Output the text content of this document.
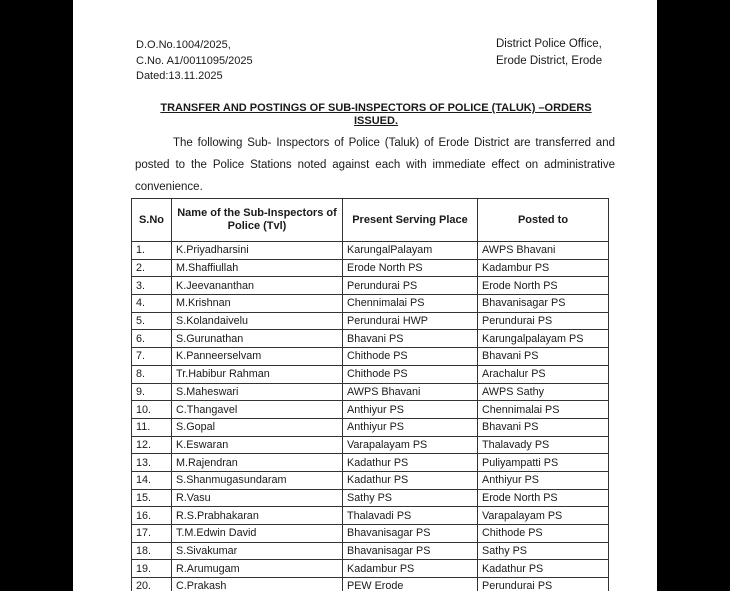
D.O.No.1004/2025,
C.No. A1/0011095/2025
Dated:13.11.2025
District Police Office,
Erode District, Erode
TRANSFER AND POSTINGS OF SUB-INSPECTORS OF POLICE (TALUK) –ORDERS ISSUED.
The following Sub- Inspectors of Police (Taluk) of Erode District are transferred and posted to the Police Stations noted against each with immediate effect on administrative convenience.
S.No	Name of the Sub-Inspectors of Police (Tvl)	Present Serving Place	Posted to
1.	K.Priyadharsini	KarungalPalayam	AWPS Bhavani
2.	M.Shaffiullah	Erode North PS	Kadambur PS
3.	K.Jeevananthan	Perundurai PS	Erode North PS
4.	M.Krishnan	Chennimalai PS	Bhavanisagar PS
5.	S.Kolandaivelu	Perundurai HWP	Perundurai PS
6.	S.Gurunathan	Bhavani PS	Karungalpalayam PS
7.	K.Panneerselvam	Chithode PS	Bhavani PS
8.	Tr.Habibur Rahman	Chithode PS	Arachalur PS
9.	S.Maheswari	AWPS Bhavani	AWPS Sathy
10.	C.Thangavel	Anthiyur PS	Chennimalai PS
11.	S.Gopal	Anthiyur PS	Bhavani PS
12.	K.Eswaran	Varapalayam PS	Thalavady PS
13.	M.Rajendran	Kadathur PS	Puliyampatti PS
14.	S.Shanmugasundaram	Kadathur PS	Anthiyur PS
15.	R.Vasu	Sathy PS	Erode North PS
16.	R.S.Prabhakaran	Thalavadi PS	Varapalayam PS
17.	T.M.Edwin David	Bhavanisagar PS	Chithode PS
18.	S.Sivakumar	Bhavanisagar PS	Sathy PS
19.	R.Arumugam	Kadambur PS	Kadathur PS
20.	C.Prakash	PEW Erode	Perundurai PS
